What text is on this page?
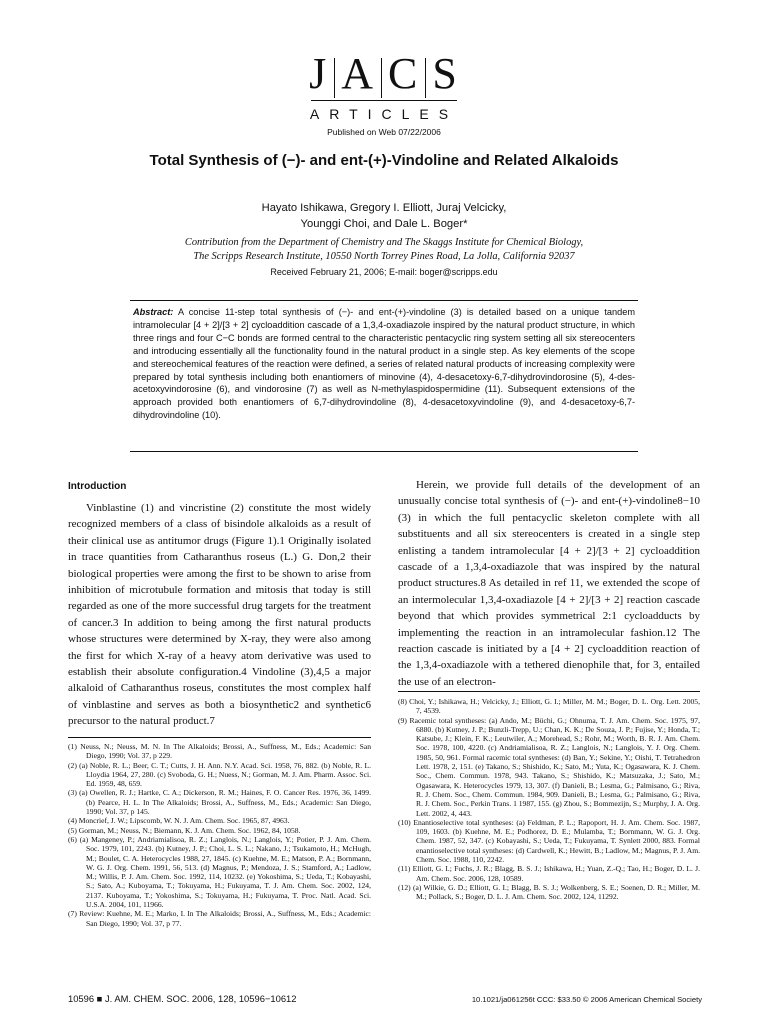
J A C S
ARTICLES
Published on Web 07/22/2006
Total Synthesis of (−)- and ent-(+)-Vindoline and Related Alkaloids
Hayato Ishikawa, Gregory I. Elliott, Juraj Velcicky,
Younggi Choi, and Dale L. Boger*
Contribution from the Department of Chemistry and The Skaggs Institute for Chemical Biology,
The Scripps Research Institute, 10550 North Torrey Pines Road, La Jolla, California 92037
Received February 21, 2006; E-mail: boger@scripps.edu
Abstract: A concise 11-step total synthesis of (−)- and ent-(+)-vindoline (3) is detailed based on a unique tandem intramolecular [4 + 2]/[3 + 2] cycloaddition cascade of a 1,3,4-oxadiazole inspired by the natural product structure, in which three rings and four C−C bonds are formed central to the characteristic pentacyclic ring system setting all six stereocenters and introducing essentially all the functionality found in the natural product in a single step. As key elements of the scope and stereochemical features of the reaction were defined, a series of related natural products of increasing complexity were prepared by total synthesis including both enantiomers of minovine (4), 4-desacetoxy-6,7-dihydrovindorosine (5), 4-des-acetoxyvindorosine (6), and vindorosine (7) as well as N-methylaspidospermidine (11). Subsequent extensions of the approach provided both enantiomers of 6,7-dihydrovindoline (8), 4-desacetoxyvindoline (9), and 4-desacetoxy-6,7-dihydrovindoline (10).
Introduction

Vinblastine (1) and vincristine (2) constitute the most widely recognized members of a class of bisindole alkaloids as a result of their clinical use as antitumor drugs (Figure 1).1 Originally isolated in trace quantities from Catharanthus roseus (L.) G. Don,2 their biological properties were among the first to be shown to arise from inhibition of microtubule formation and mitosis that today is still regarded as one of the more successful drug targets for the treatment of cancer.3 In addition to being among the first natural products whose structures were determined by X-ray, they were also among the first for which X-ray of a heavy atom derivative was used to establish their absolute configuration.4 Vindoline (3),4,5 a major alkaloid of Catharanthus roseus, constitutes the most complex half of vinblastine and serves as both a biosynthetic2 and synthetic6 precursor to the natural product.7

(1) Neuss, N.; Neuss, M. N. In The Alkaloids; Brossi, A., Suffness, M., Eds.; Academic: San Diego, 1990; Vol. 37, p 229.
(2) (a) Noble, R. L.; Beer, C. T.; Cutts, J. H. Ann. N.Y. Acad. Sci. 1958, 76, 882. (b) Noble, R. L. Lloydia 1964, 27, 280. (c) Svoboda, G. H.; Nuess, N.; Gorman, M. J. Am. Pharm. Assoc. Sci. Ed. 1959, 48, 659.
(3) (a) Owellen, R. J.; Hartke, C. A.; Dickerson, R. M.; Haines, F. O. Cancer Res. 1976, 36, 1499. (b) Pearce, H. L. In The Alkaloids; Brossi, A., Suffness, M., Eds.; Academic: San Diego, 1990; Vol. 37, p 145.
(4) Moncrief, J. W.; Lipscomb, W. N. J. Am. Chem. Soc. 1965, 87, 4963.
(5) Gorman, M.; Neuss, N.; Biemann, K. J. Am. Chem. Soc. 1962, 84, 1058.
(6) (a) Mangeney, P.; Andriamialisoa, R. Z.; Langlois, N.; Langlois, Y.; Potier, P. J. Am. Chem. Soc. 1979, 101, 2243. (b) Kutney, J. P.; Choi, L. S. L.; Nakano, J.; Tsukamoto, H.; McHugh, M.; Boulet, C. A. Heterocycles 1988, 27, 1845. (c) Kuehne, M. E.; Matson, P. A.; Bornmann, W. G. J. Org. Chem. 1991, 56, 513. (d) Magnus, P.; Mendoza, J. S.; Stamford, A.; Ladlow, M.; Willis, P. J. Am. Chem. Soc. 1992, 114, 10232. (e) Yokoshima, S.; Ueda, T.; Kobayashi, S.; Sato, A.; Kuboyama, T.; Tokuyama, H.; Fukuyama, T. J. Am. Chem. Soc. 2002, 124, 2137. Kuboyama, T.; Yokoshima, S.; Tokuyama, H.; Fukuyama, T. Proc. Natl. Acad. Sci. U.S.A. 2004, 101, 11966.
(7) Review: Kuehne, M. E.; Marko, I. In The Alkaloids; Brossi, A., Suffness, M., Eds.; Academic: San Diego, 1990; Vol. 37, p 77.

Herein, we provide full details of the development of an unusually concise total synthesis of (−)- and ent-(+)-vindoline8−10 (3) in which the full pentacyclic skeleton complete with all substituents and all six stereocenters is created in a single step enlisting a tandem intramolecular [4 + 2]/[3 + 2] cycloaddition cascade of a 1,3,4-oxadiazole that was inspired by the natural product structures.8 As detailed in ref 11, we extended the scope of an intermolecular 1,3,4-oxadiazole [4 + 2]/[3 + 2] reaction cascade beyond that which provides symmetrical 2:1 cycloadducts by implementing the reaction in an intramolecular fashion.12 The reaction cascade is initiated by a [4 + 2] cycloaddition reaction of the 1,3,4-oxadiazole with a tethered dienophile that, for 3, entailed the use of an electron-

(8) Choi, Y.; Ishikawa, H.; Velcicky, J.; Elliott, G. I.; Miller, M. M.; Boger, D. L. Org. Lett. 2005, 7, 4539.
(9) Racemic total syntheses: (a) Ando, M.; Büchi, G.; Ohnuma, T. J. Am. Chem. Soc. 1975, 97, 6880. (b) Kutney, J. P.; Bunzli-Trepp, U.; Chan, K. K.; De Souza, J. P.; Fujise, Y.; Honda, T.; Katsube, J.; Klein, F. K.; Leutwiler, A.; Morehead, S.; Rohr, M.; Worth, B. R. J. Am. Chem. Soc. 1978, 100, 4220. (c) Andriamialisoa, R. Z.; Langlois, N.; Langlois, Y. J. Org. Chem. 1985, 50, 961. Formal racemic total syntheses: (d) Ban, Y.; Sekine, Y.; Oishi, T. Tetrahedron Lett. 1978, 2, 151. (e) Takano, S.; Shishido, K.; Sato, M.; Yuta, K.; Ogasawara, K. J. Chem. Soc., Chem. Commun. 1978, 943. Takano, S.; Shishido, K.; Matsuzaka, J.; Sato, M.; Ogasawara, K. Heterocycles 1979, 13, 307. (f) Danieli, B.; Lesma, G.; Palmisano, G.; Riva, R. J. Chem. Soc., Chem. Commun. 1984, 909. Danieli, B.; Lesma, G.; Palmisano, G.; Riva, R. J. Chem. Soc., Perkin Trans. 1 1987, 155. (g) Zhou, S.; Bommezijn, S.; Murphy, J. A. Org. Lett. 2002, 4, 443.
(10) Enantioselective total syntheses: (a) Feldman, P. L.; Rapoport, H. J. Am. Chem. Soc. 1987, 109, 1603. (b) Kuehne, M. E.; Podhorez, D. E.; Mulamba, T.; Bornmann, W. G. J. Org. Chem. 1987, 52, 347. (c) Kobayashi, S.; Ueda, T.; Fukuyama, T. Synlett 2000, 883. Formal enantioselective total syntheses: (d) Cardwell, K.; Hewitt, B.; Ladlow, M.; Magnus, P. J. Am. Chem. Soc. 1988, 110, 2242.
(11) Elliott, G. I.; Fuchs, J. R.; Blagg, B. S. J.; Ishikawa, H.; Yuan, Z.-Q.; Tao, H.; Boger, D. L. J. Am. Chem. Soc. 2006, 128, 10589.
(12) (a) Wilkie, G. D.; Elliott, G. I.; Blagg, B. S. J.; Wolkenberg, S. E.; Soenen, D. R.; Miller, M. M.; Pollack, S.; Boger, D. L. J. Am. Chem. Soc. 2002, 124, 11292.
10596 ■ J. AM. CHEM. SOC. 2006, 128, 10596−10612	10.1021/ja061256t CCC: $33.50 © 2006 American Chemical Society
